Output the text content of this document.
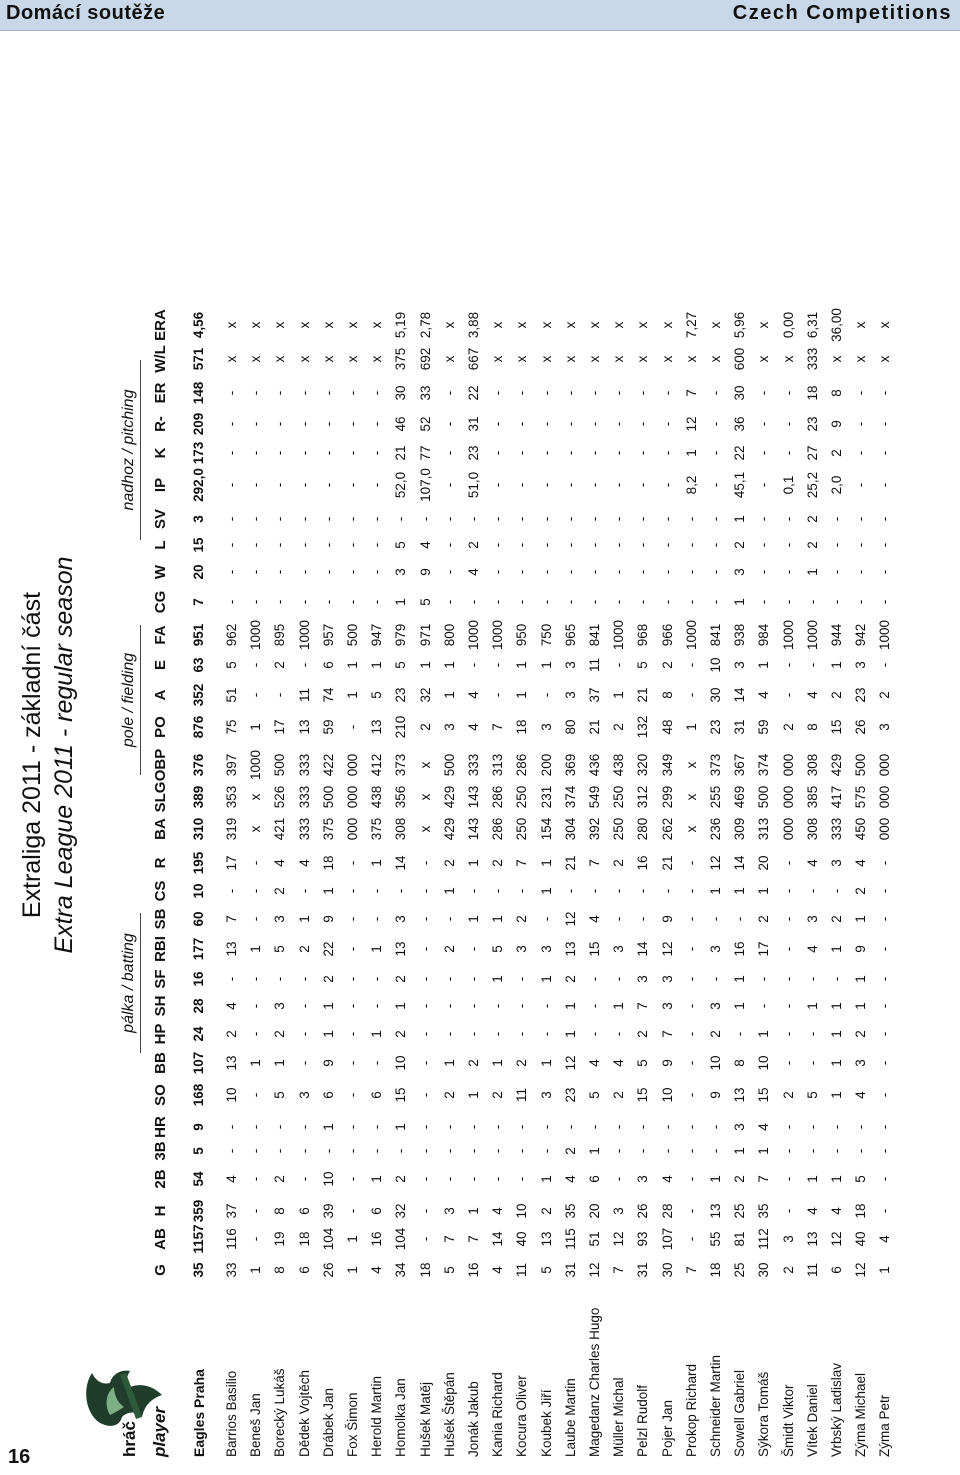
Domácí soutěže	Czech Competitions
Extraliga 2011 - základní část Extra League 2011 - regular season
hráč player
pálka / batting
pole / fielding
nadhoz / pitching
G
AB
H
2B
3B
HR
SO
BB
HP
SH
SF
RBI
SB
CS
R
BA
SLG
OBP
PO
A
E
FA
CG
W
L
SV
IP
K
R-
ER
W/L
ERA
Eagles Praha
35
1157
359
54
5
9
168
107
24
28
16
177
60
10
195
310
389
376
876
352
63
951
7
20
15
3
292,0
173
209
148
571
4,56
Barrios Basilio
33
116
37
4
-
-
10
13
2
4
-
13
7
-
17
319
353
397
75
51
5
962
-
-
-
-
-
-
-
-
x
x
Beneš Jan
1
-
-
-
-
-
-
1
-
-
-
1
-
-
-
x
x
1000
1
-
-
1000
-
-
-
-
-
-
-
-
x
x
Borecký Lukáš
8
19
8
2
-
-
5
1
2
3
-
5
3
2
4
421
526
500
17
-
2
895
-
-
-
-
-
-
-
-
x
x
Dědek Vojtěch
6
18
6
-
-
-
3
-
-
-
-
2
1
-
4
333
333
333
13
11
-
1000
-
-
-
-
-
-
-
-
x
x
Drábek Jan
26
104
39
10
-
1
6
9
1
1
2
22
9
1
18
375
500
422
59
74
6
957
-
-
-
-
-
-
-
-
x
x
Fox Šimon
1
1
-
-
-
-
-
-
-
-
-
-
-
-
-
000
000
000
-
1
1
500
-
-
-
-
-
-
-
-
x
x
Herold Martin
4
16
6
1
-
-
6
-
1
-
-
1
-
-
1
375
438
412
13
5
1
947
-
-
-
-
-
-
-
-
x
x
Homolka Jan
34
104
32
2
-
1
15
10
2
1
2
13
3
-
14
308
356
373
210
23
5
979
1
3
5
-
52,0
21
46
30
375
5,19
Hušek Matěj
18
-
-
-
-
-
-
-
-
-
-
-
-
-
-
x
x
x
2
32
1
971
5
9
4
-
107,0
77
52
33
692
2,78
Hušek Štěpán
5
7
3
-
-
-
2
1
-
-
-
2
-
1
2
429
429
500
3
1
1
800
-
-
-
-
-
-
-
-
x
x
Jonák Jakub
16
7
1
-
-
-
1
2
-
-
-
-
1
-
1
143
143
333
4
4
-
1000
-
4
2
-
51,0
23
31
22
667
3,88
Kania Richard
4
14
4
-
-
-
2
1
-
-
1
5
1
-
2
286
286
313
7
-
-
1000
-
-
-
-
-
-
-
-
x
x
Kocura Oliver
11
40
10
-
-
-
11
2
-
-
-
3
2
-
7
250
250
286
18
1
1
950
-
-
-
-
-
-
-
-
x
x
Koubek Jiří
5
13
2
1
-
-
3
1
-
-
1
3
-
1
1
154
231
200
3
-
1
750
-
-
-
-
-
-
-
-
x
x
Laube Martin
31
115
35
4
2
-
23
12
1
1
2
13
12
-
21
304
374
369
80
3
3
965
-
-
-
-
-
-
-
-
x
x
Magedanz Charles Hugo
12
51
20
6
1
-
5
4
-
-
-
15
4
-
7
392
549
436
21
37
11
841
-
-
-
-
-
-
-
-
x
x
Müller Michal
7
12
3
-
-
-
2
4
-
1
-
3
-
-
2
250
250
438
2
1
-
1000
-
-
-
-
-
-
-
-
x
x
Pelzl Rudolf
31
93
26
3
-
-
15
5
2
7
3
14
-
-
16
280
312
320
132
21
5
968
-
-
-
-
-
-
-
-
x
x
Pojer Jan
30
107
28
4
-
-
10
9
7
3
3
12
9
-
21
262
299
349
48
8
2
966
-
-
-
-
-
-
-
-
x
x
Prokop Richard
7
-
-
-
-
-
-
-
-
-
-
-
-
-
-
x
x
x
1
-
-
1000
-
-
-
-
8,2
1
12
7
x
7,27
Schneider Martin
18
55
13
1
-
-
9
10
2
3
-
3
-
1
12
236
255
373
23
30
10
841
-
-
-
-
-
-
-
-
x
x
Sowell Gabriel
25
81
25
2
1
3
13
8
-
1
1
16
-
1
14
309
469
367
31
14
3
938
1
3
2
1
45,1
22
36
30
600
5,96
Sýkora Tomáš
30
112
35
7
1
4
15
10
1
-
-
17
2
1
20
313
500
374
59
4
1
984
-
-
-
-
-
-
-
-
x
x
Šmidt Viktor
2
3
-
-
-
-
2
-
-
-
-
-
-
-
-
000
000
000
2
-
-
1000
-
-
-
-
0,1
-
-
-
x
0,00
Vítek Daniel
11
13
4
1
-
-
5
-
-
1
-
4
3
-
4
308
385
308
8
4
-
1000
-
1
2
2
25,2
27
23
18
333
6,31
Vrbský Ladislav
6
12
4
1
-
-
1
1
1
1
-
1
2
-
3
333
417
429
15
2
1
944
-
-
-
-
2,0
2
9
8
x
36,00
Zýma Michael
12
40
18
5
-
-
4
3
2
1
1
9
1
2
4
450
575
500
26
23
3
942
-
-
-
-
-
-
-
-
x
x
Zýma Petr
1
4
-
-
-
-
-
-
-
-
-
-
-
-
-
000
000
000
3
2
-
1000
-
-
-
-
-
-
-
-
x
x
16
